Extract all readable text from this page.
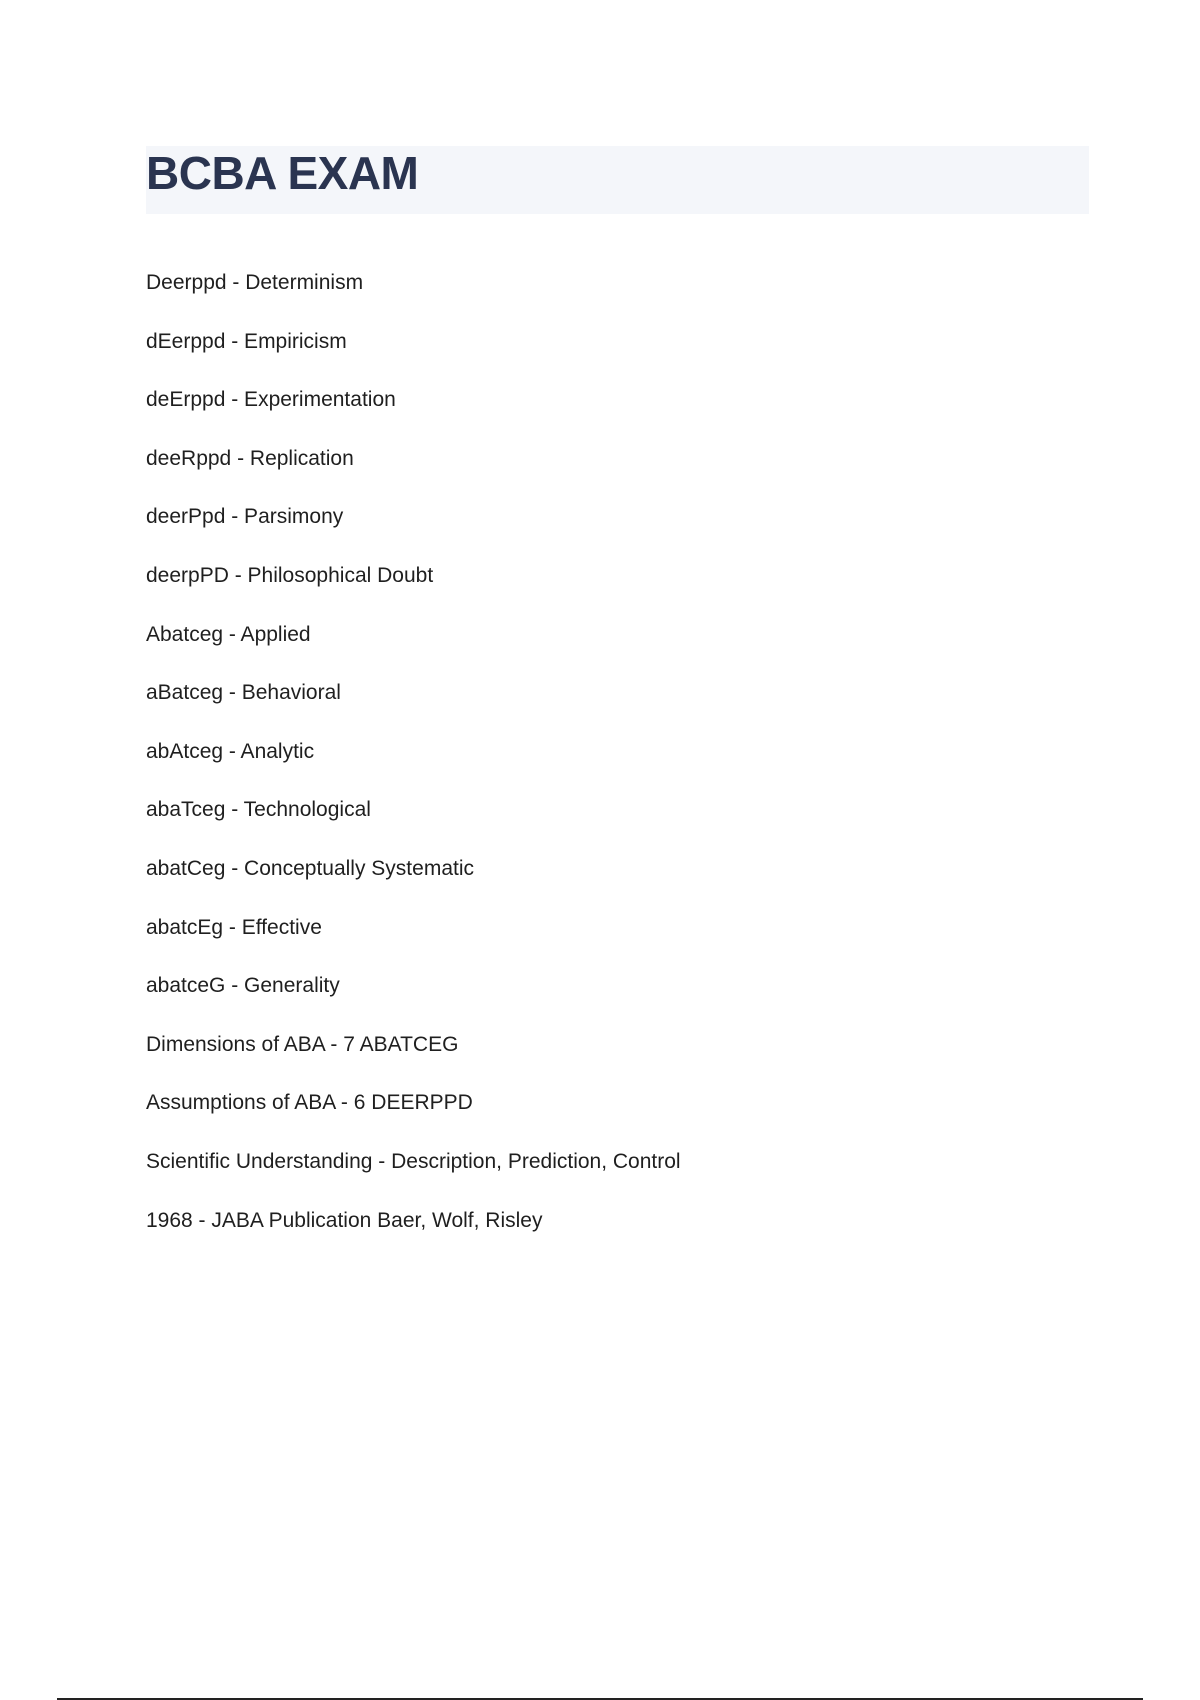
BCBA EXAM
Deerppd - Determinism
dEerppd - Empiricism
deErppd - Experimentation
deeRppd - Replication
deerPpd - Parsimony
deerpPD - Philosophical Doubt
Abatceg - Applied
aBatceg - Behavioral
abAtceg - Analytic
abaTceg - Technological
abatCeg - Conceptually Systematic
abatcEg - Effective
abatceG - Generality
Dimensions of ABA - 7 ABATCEG
Assumptions of ABA - 6 DEERPPD
Scientific Understanding - Description, Prediction, Control
1968 - JABA Publication Baer, Wolf, Risley
